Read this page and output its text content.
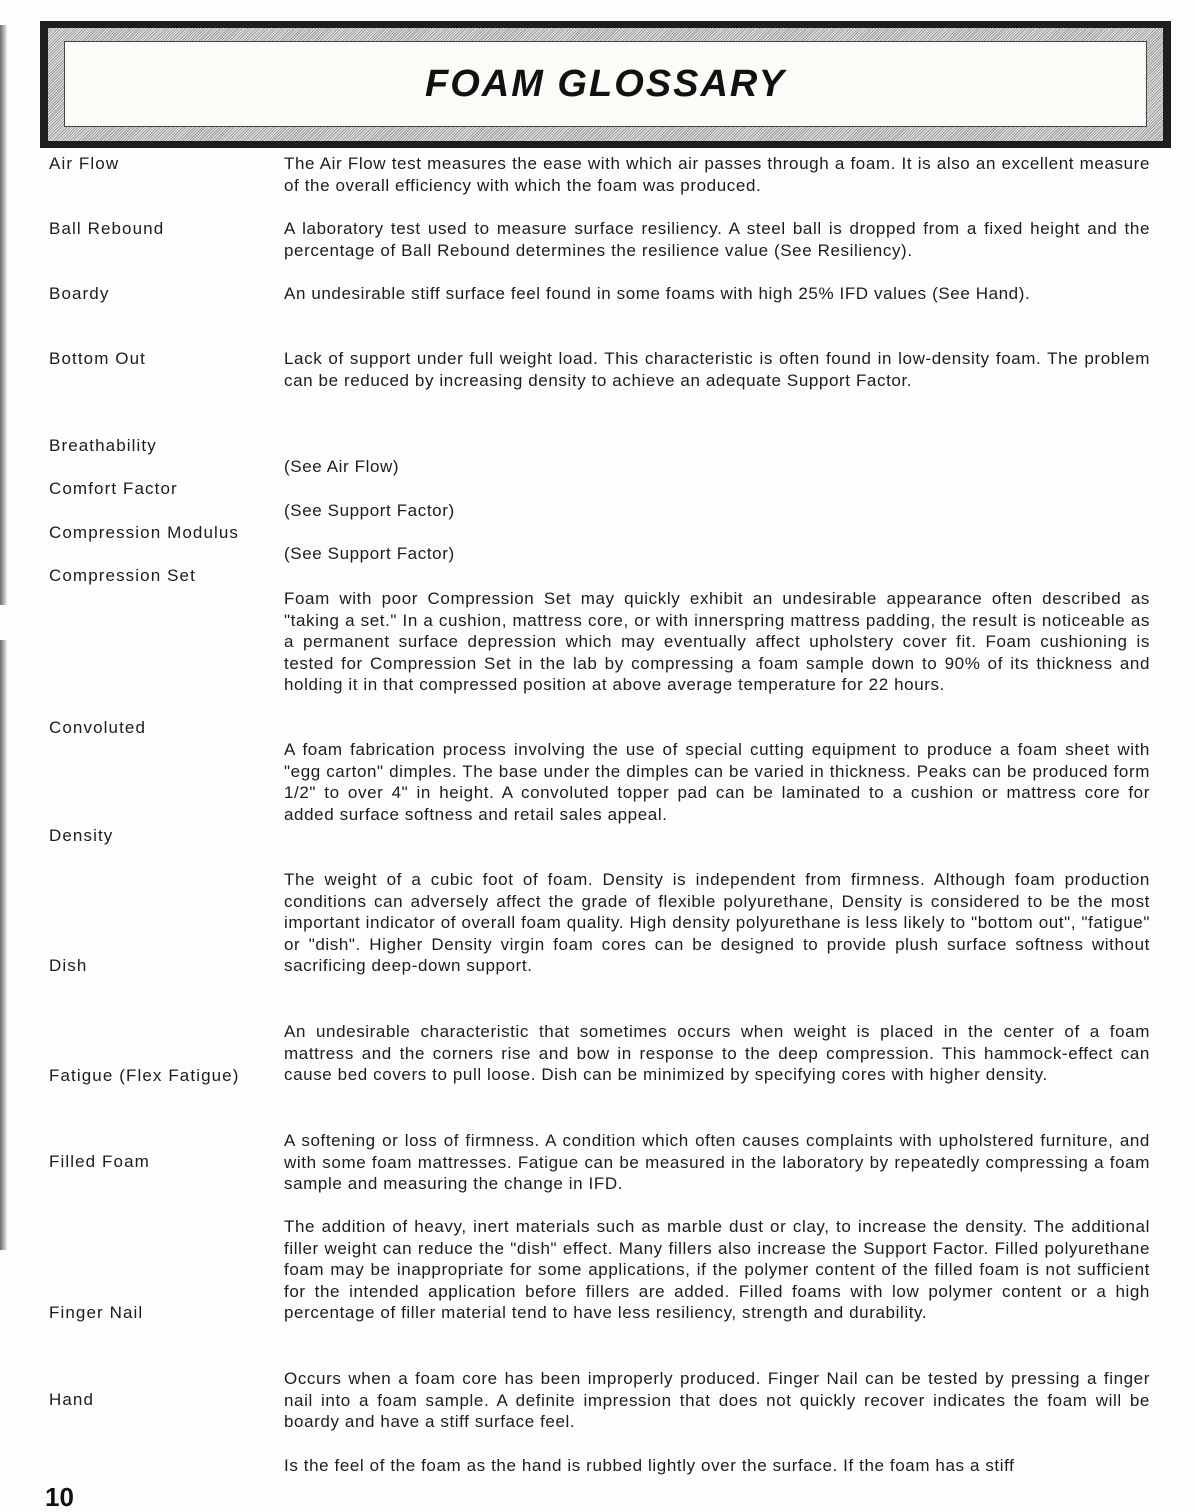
FOAM GLOSSARY
Air Flow
Ball Rebound
Boardy
Bottom Out
Breathability
Comfort Factor
Compression Modulus
Compression Set
Convoluted
Density
Dish
Fatigue (Flex Fatigue)
Filled Foam
Finger Nail
Hand
The Air Flow test measures the ease with which air passes through a foam. It is also an excellent measure of the overall efficiency with which the foam was produced.
A laboratory test used to measure surface resiliency. A steel ball is dropped from a fixed height and the percentage of Ball Rebound determines the resilience value (See Resiliency).
An undesirable stiff surface feel found in some foams with high 25% IFD values (See Hand).
Lack of support under full weight load. This characteristic is often found in low-density foam. The problem can be reduced by increasing density to achieve an adequate Support Factor.
(See Air Flow)
(See Support Factor)
(See Support Factor)
Foam with poor Compression Set may quickly exhibit an undesirable appearance often described as "taking a set." In a cushion, mattress core, or with innerspring mattress padding, the result is noticeable as a permanent surface depression which may eventually affect upholstery cover fit. Foam cushioning is tested for Compression Set in the lab by compressing a foam sample down to 90% of its thickness and holding it in that compressed position at above average temperature for 22 hours.
A foam fabrication process involving the use of special cutting equipment to produce a foam sheet with "egg carton" dimples. The base under the dimples can be varied in thickness. Peaks can be produced form 1/2" to over 4" in height. A convoluted topper pad can be laminated to a cushion or mattress core for added surface softness and retail sales appeal.
The weight of a cubic foot of foam. Density is independent from firmness. Although foam production conditions can adversely affect the grade of flexible polyurethane, Density is considered to be the most important indicator of overall foam quality. High density polyurethane is less likely to "bottom out", "fatigue" or "dish". Higher Density virgin foam cores can be designed to provide plush surface softness without sacrificing deep-down support.
An undesirable characteristic that sometimes occurs when weight is placed in the center of a foam mattress and the corners rise and bow in response to the deep compression. This hammock-effect can cause bed covers to pull loose. Dish can be minimized by specifying cores with higher density.
A softening or loss of firmness. A condition which often causes complaints with upholstered furniture, and with some foam mattresses. Fatigue can be measured in the laboratory by repeatedly compressing a foam sample and measuring the change in IFD.
The addition of heavy, inert materials such as marble dust or clay, to increase the density. The additional filler weight can reduce the "dish" effect. Many fillers also increase the Support Factor. Filled polyurethane foam may be inappropriate for some applications, if the polymer content of the filled foam is not sufficient for the intended application before fillers are added. Filled foams with low polymer content or a high percentage of filler material tend to have less resiliency, strength and durability.
Occurs when a foam core has been improperly produced. Finger Nail can be tested by pressing a finger nail into a foam sample. A definite impression that does not quickly recover indicates the foam will be boardy and have a stiff surface feel.
Is the feel of the foam as the hand is rubbed lightly over the surface. If the foam has a stiff
10
